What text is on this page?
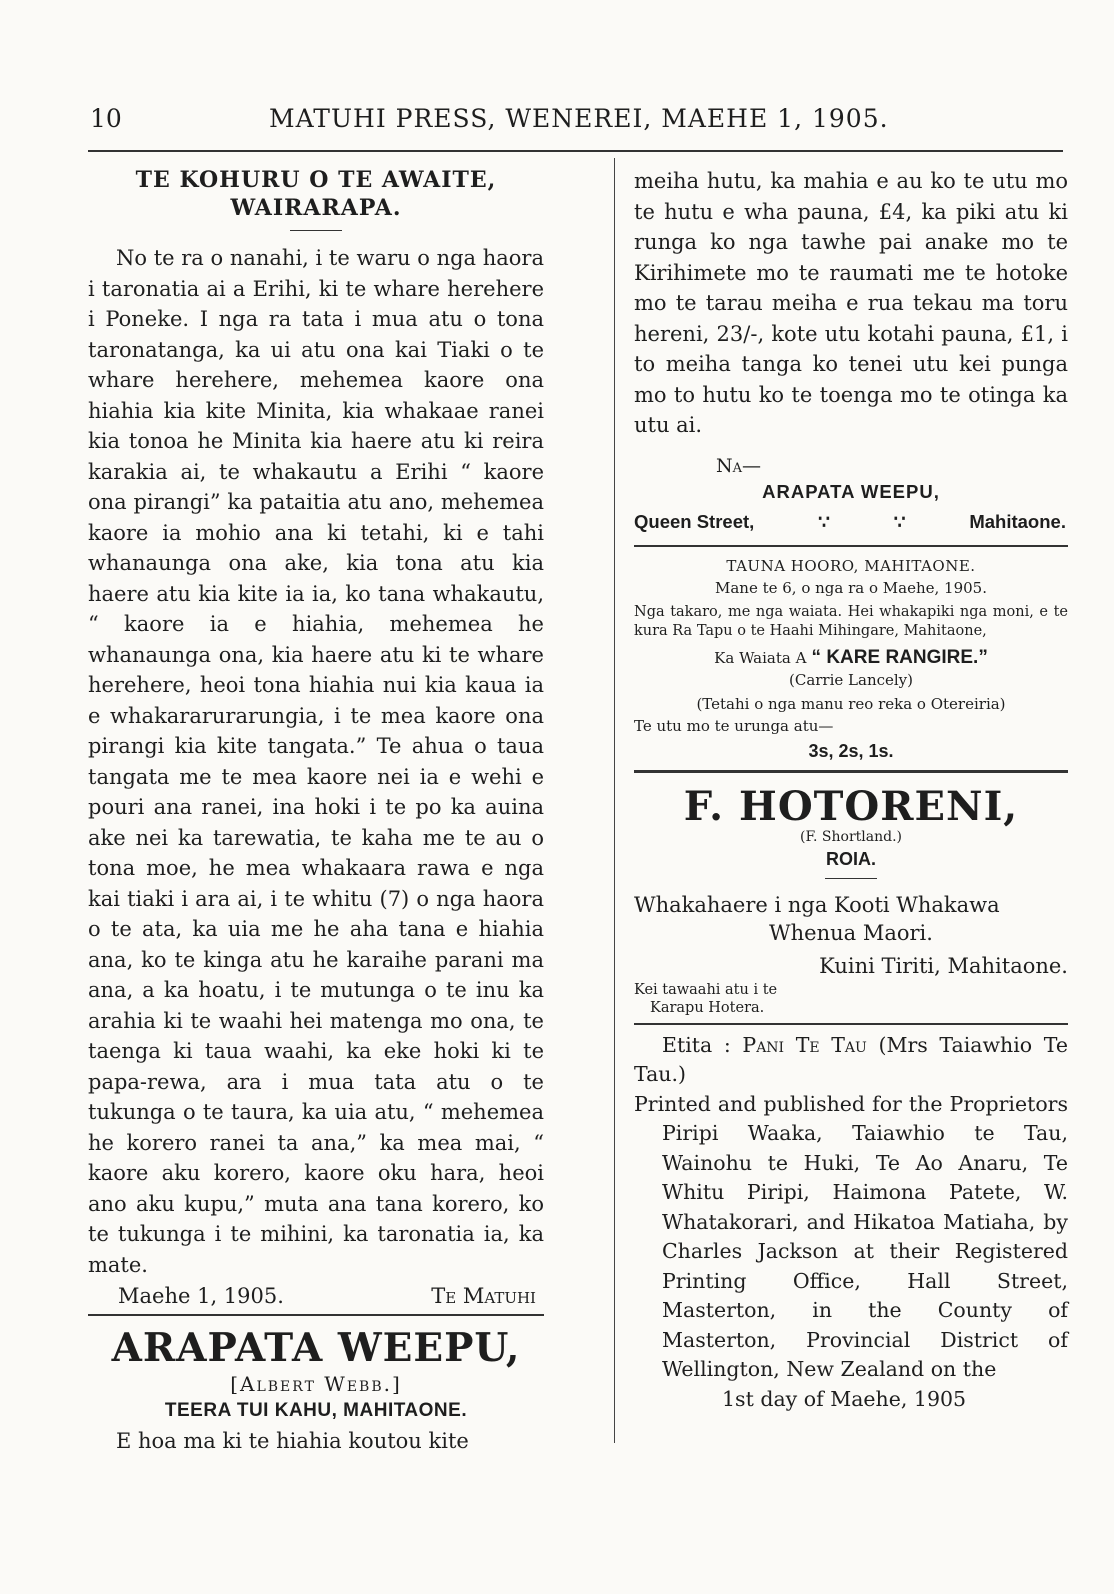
10	MATUHI PRESS, WENEREI, MAEHE 1, 1905.
TE KOHURU O TE AWAITE,
WAIRARAPA.

No te ra o nanahi, i te waru o nga haora i taronatia ai a Erihi, ki te whare herehere i Poneke. I nga ra tata i mua atu o tona taronatanga, ka ui atu ona kai Tiaki o te whare herehere, mehemea kaore ona hiahia kia kite Minita, kia whakaae ranei kia tonoa he Minita kia haere atu ki reira karakia ai, te whakautu a Erihi “ kaore ona pirangi” ka pataitia atu ano, mehemea kaore ia mohio ana ki tetahi, ki e tahi whanaunga ona ake, kia tona atu kia haere atu kia kite ia ia, ko tana whakautu, “ kaore ia e hiahia, mehemea he whanaunga ona, kia haere atu ki te whare herehere, heoi tona hiahia nui kia kaua ia e whakararurarungia, i te mea kaore ona pirangi kia kite tangata.” Te ahua o taua tangata me te mea kaore nei ia e wehi e pouri ana ranei, ina hoki i te po ka auina ake nei ka tarewatia, te kaha me te au o tona moe, he mea whakaara rawa e nga kai tiaki i ara ai, i te whitu (7) o nga haora o te ata, ka uia me he aha tana e hiahia ana, ko te kinga atu he karaihe parani ma ana, a ka hoatu, i te mutunga o te inu ka arahia ki te waahi hei matenga mo ona, te taenga ki taua waahi, ka eke hoki ki te papa-rewa, ara i mua tata atu o te tukunga o te taura, ka uia atu, “ mehemea he korero ranei ta ana,” ka mea mai, “ kaore aku korero, kaore oku hara, heoi ano aku kupu,” muta ana tana korero, ko te tukunga i te mihini, ka taronatia ia, ka mate.

Maehe 1, 1905.	Te Matuhi
ARAPATA WEEPU,
[Albert Webb.]
TEERA TUI KAHU, MAHITAONE.

E hoa ma ki te hiahia koutou kite

meiha hutu, ka mahia e au ko te utu mo te hutu e wha pauna, £4, ka piki atu ki runga ko nga tawhe pai anake mo te Kirihimete mo te raumati me te hotoke mo te tarau meiha e rua tekau ma toru hereni, 23/-, kote utu kotahi pauna, £1, i to meiha tanga ko tenei utu kei punga mo to hutu ko te toenga mo te otinga ka utu ai.

Na—
ARAPATA WEEPU,
Queen Street,	∵	∵	Mahitaone.
TAUNA HOORO, MAHITAONE.
Mane te 6, o nga ra o Maehe, 1905.

Nga takaro, me nga waiata. Hei whakapiki nga moni, e te kura Ra Tapu o te Haahi Mihingare, Mahitaone,

Ka Waiata A “ KARE RANGIRE.”
(Carrie Lancely)
(Tetahi o nga manu reo reka o Otereiria)
Te utu mo te urunga atu—
3s, 2s, 1s.
F. HOTORENI,
(F. Shortland.)
ROIA.
Whakahaere i nga Kooti Whakawa
Whenua Maori.
Kuini Tiriti, Mahitaone.
Kei tawaahi atu i te
Karapu Hotera.

Etita : Pani Te Tau (Mrs Taiawhio Te Tau.)

Printed and published for the Proprietors Piripi Waaka, Taiawhio te Tau, Wainohu te Huki, Te Ao Anaru, Te Whitu Piripi, Haimona Patete, W. Whatakorari, and Hikatoa Matiaha, by Charles Jackson at their Registered Printing Office, Hall Street, Masterton, in the County of Masterton, Provincial District of Wellington, New Zealand on the

1st day of Maehe, 1905
